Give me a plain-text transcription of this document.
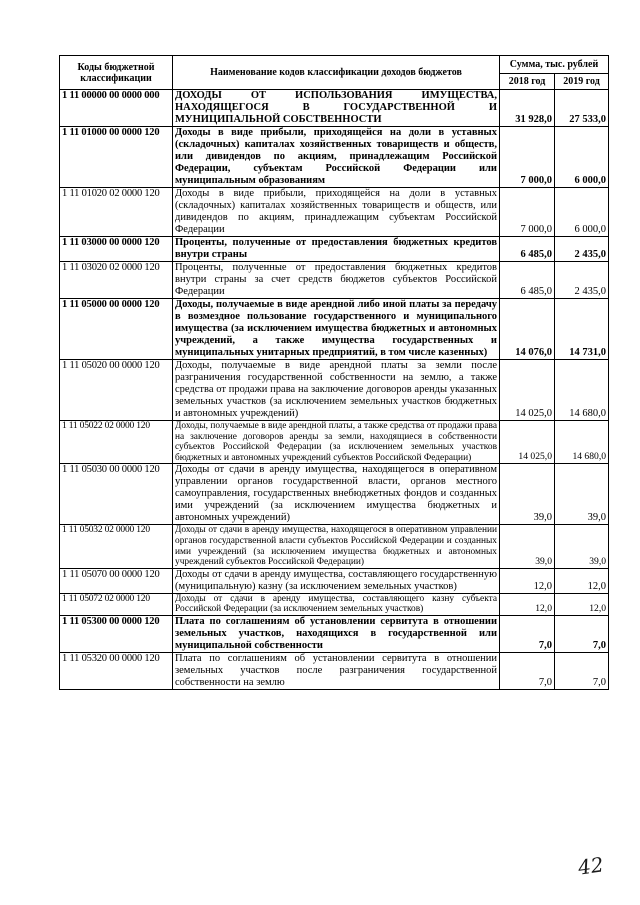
Коды бюджетной классификации	Наименование кодов классификации доходов бюджетов	Сумма, тыс. рублей	
		2018 год	2019 год
1 11 00000 00 0000 000	ДОХОДЫ ОТ ИСПОЛЬЗОВАНИЯ ИМУЩЕСТВА, НАХОДЯЩЕГОСЯ В ГОСУДАРСТВЕННОЙ И МУНИЦИПАЛЬНОЙ СОБСТВЕННОСТИ	31 928,0	27 533,0
1 11 01000 00 0000 120	Доходы в виде прибыли, приходящейся на доли в уставных (складочных) капиталах хозяйственных товариществ и обществ, или дивидендов по акциям, принадлежащим Российской Федерации, субъектам Российской Федерации или муниципальным образованиям	7 000,0	6 000,0
1 11 01020 02 0000 120	Доходы в виде прибыли, приходящейся на доли в уставных (складочных) капиталах хозяйственных товариществ и обществ, или дивидендов по акциям, принадлежащим субъектам Российской Федерации	7 000,0	6 000,0
1 11 03000 00 0000 120	Проценты, полученные от предоставления бюджетных кредитов внутри страны	6 485,0	2 435,0
1 11 03020 02 0000 120	Проценты, полученные от предоставления бюджетных кредитов внутри страны за счет средств бюджетов субъектов Российской Федерации	6 485,0	2 435,0
1 11 05000 00 0000 120	Доходы, получаемые в виде арендной либо иной платы за передачу в возмездное пользование государственного и муниципального имущества (за исключением имущества бюджетных и автономных учреждений, а также имущества государственных и муниципальных унитарных предприятий, в том числе казенных)	14 076,0	14 731,0
1 11 05020 00 0000 120	Доходы, получаемые в виде арендной платы за земли после разграничения государственной собственности на землю, а также средства от продажи права на заключение договоров аренды указанных земельных участков (за исключением земельных участков бюджетных и автономных учреждений)	14 025,0	14 680,0
1 11 05022 02 0000 120	Доходы, получаемые в виде арендной платы, а также средства от продажи права на заключение договоров аренды за земли, находящиеся в собственности субъектов Российской Федерации (за исключением земельных участков бюджетных и автономных учреждений субъектов Российской Федерации)	14 025,0	14 680,0
1 11 05030 00 0000 120	Доходы от сдачи в аренду имущества, находящегося в оперативном управлении органов государственной власти, органов местного самоуправления, государственных внебюджетных фондов и созданных ими учреждений (за исключением имущества бюджетных и автономных учреждений)	39,0	39,0
1 11 05032 02 0000 120	Доходы от сдачи в аренду имущества, находящегося в оперативном управлении органов государственной власти субъектов Российской Федерации и созданных ими учреждений (за исключением имущества бюджетных и автономных учреждений субъектов Российской Федерации)	39,0	39,0
1 11 05070 00 0000 120	Доходы от сдачи в аренду имущества, составляющего государственную (муниципальную) казну (за исключением земельных участков)	12,0	12,0
1 11 05072 02 0000 120	Доходы от сдачи в аренду имущества, составляющего казну субъекта Российской Федерации (за исключением земельных участков)	12,0	12,0
1 11 05300 00 0000 120	Плата по соглашениям об установлении сервитута в отношении земельных участков, находящихся в государственной или муниципальной собственности	7,0	7,0
1 11 05320 00 0000 120	Плата по соглашениям об установлении сервитута в отношении земельных участков после разграничения государственной собственности на землю	7,0	7,0
42
